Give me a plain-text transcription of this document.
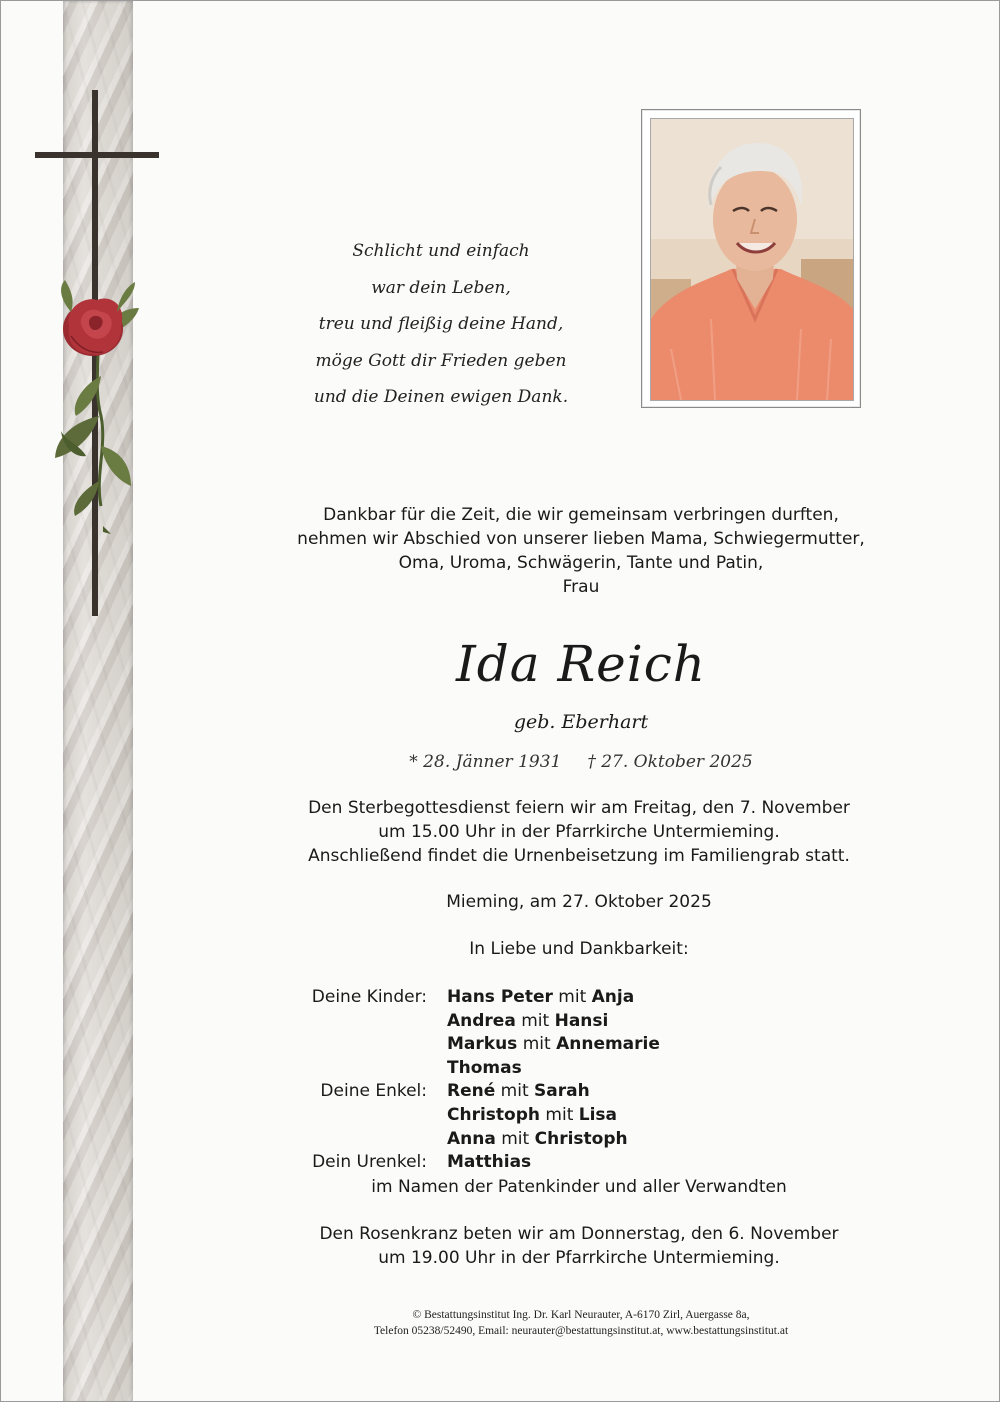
Schlicht und einfach
war dein Leben,
treu und fleißig deine Hand,
möge Gott dir Frieden geben
und die Deinen ewigen Dank.
Dankbar für die Zeit, die wir gemeinsam verbringen durften,
nehmen wir Abschied von unserer lieben Mama, Schwiegermutter,
Oma, Uroma, Schwägerin, Tante und Patin,
Frau
Ida Reich
geb. Eberhart
* 28. Jänner 1931 † 27. Oktober 2025
Den Sterbegottesdienst feiern wir am Freitag, den 7. November
um 15.00 Uhr in der Pfarrkirche Untermieming.
Anschließend findet die Urnenbeisetzung im Familiengrab statt.
Mieming, am 27. Oktober 2025
In Liebe und Dankbarkeit:
Deine Kinder:	Hans Peter mit Anja
Andrea mit Hansi
Markus mit Annemarie
Thomas
Deine Enkel:	René mit Sarah
Christoph mit Lisa
Anna mit Christoph
Dein Urenkel:	Matthias
im Namen der Patenkinder und aller Verwandten
Den Rosenkranz beten wir am Donnerstag, den 6. November
um 19.00 Uhr in der Pfarrkirche Untermieming.
© Bestattungsinstitut Ing. Dr. Karl Neurauter, A-6170 Zirl, Auergasse 8a,
Telefon 05238/52490, Email: neurauter@bestattungsinstitut.at, www.bestattungsinstitut.at
